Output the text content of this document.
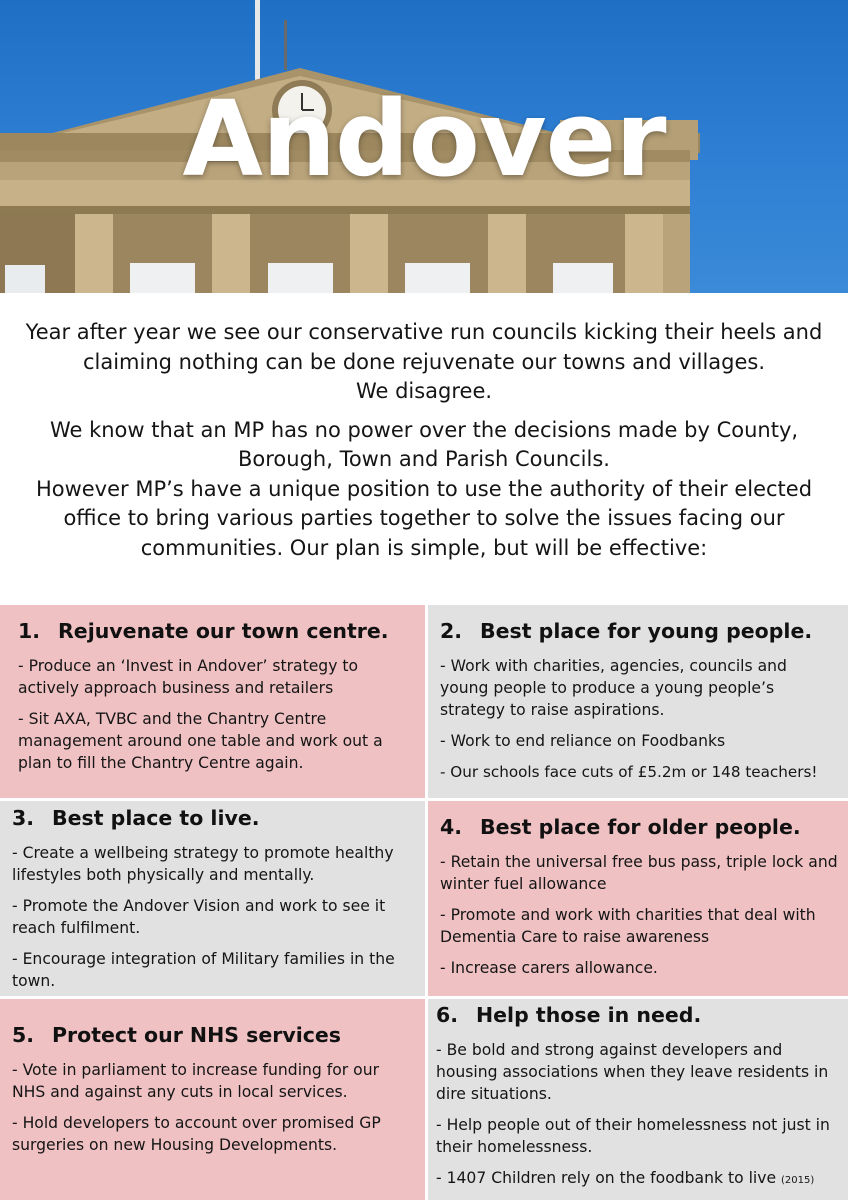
Andover

Year after year we see our conservative run councils kicking their heels and claiming nothing can be done rejuvenate our towns and villages.

We disagree.

We know that an MP has no power over the decisions made by County, Borough, Town and Parish Councils.

However MP’s have a unique position to use the authority of their elected office to bring various parties together to solve the issues facing our communities. Our plan is simple, but will be effective:

1. Rejuvenate our town centre.

- Produce an ‘Invest in Andover’ strategy to actively approach business and retailers

- Sit AXA, TVBC and the Chantry Centre management around one table and work out a plan to fill the Chantry Centre again.

2. Best place for young people.

- Work with charities, agencies, councils and young people to produce a young people’s strategy to raise aspirations.

- Work to end reliance on Foodbanks

- Our schools face cuts of £5.2m or 148 teachers!

3. Best place to live.

- Create a wellbeing strategy to promote healthy lifestyles both physically and mentally.

- Promote the Andover Vision and work to see it reach fulfilment.

- Encourage integration of Military families in the town.

4. Best place for older people.

- Retain the universal free bus pass, triple lock and winter fuel allowance

- Promote and work with charities that deal with Dementia Care to raise awareness

- Increase carers allowance.

5. Protect our NHS services

- Vote in parliament to increase funding for our NHS and against any cuts in local services.

- Hold developers to account over promised GP surgeries on new Housing Developments.

6. Help those in need.

- Be bold and strong against developers and housing associations when they leave residents in dire situations.

- Help people out of their homelessness not just in their homelessness.

- 1407 Children rely on the foodbank to live (2015)
